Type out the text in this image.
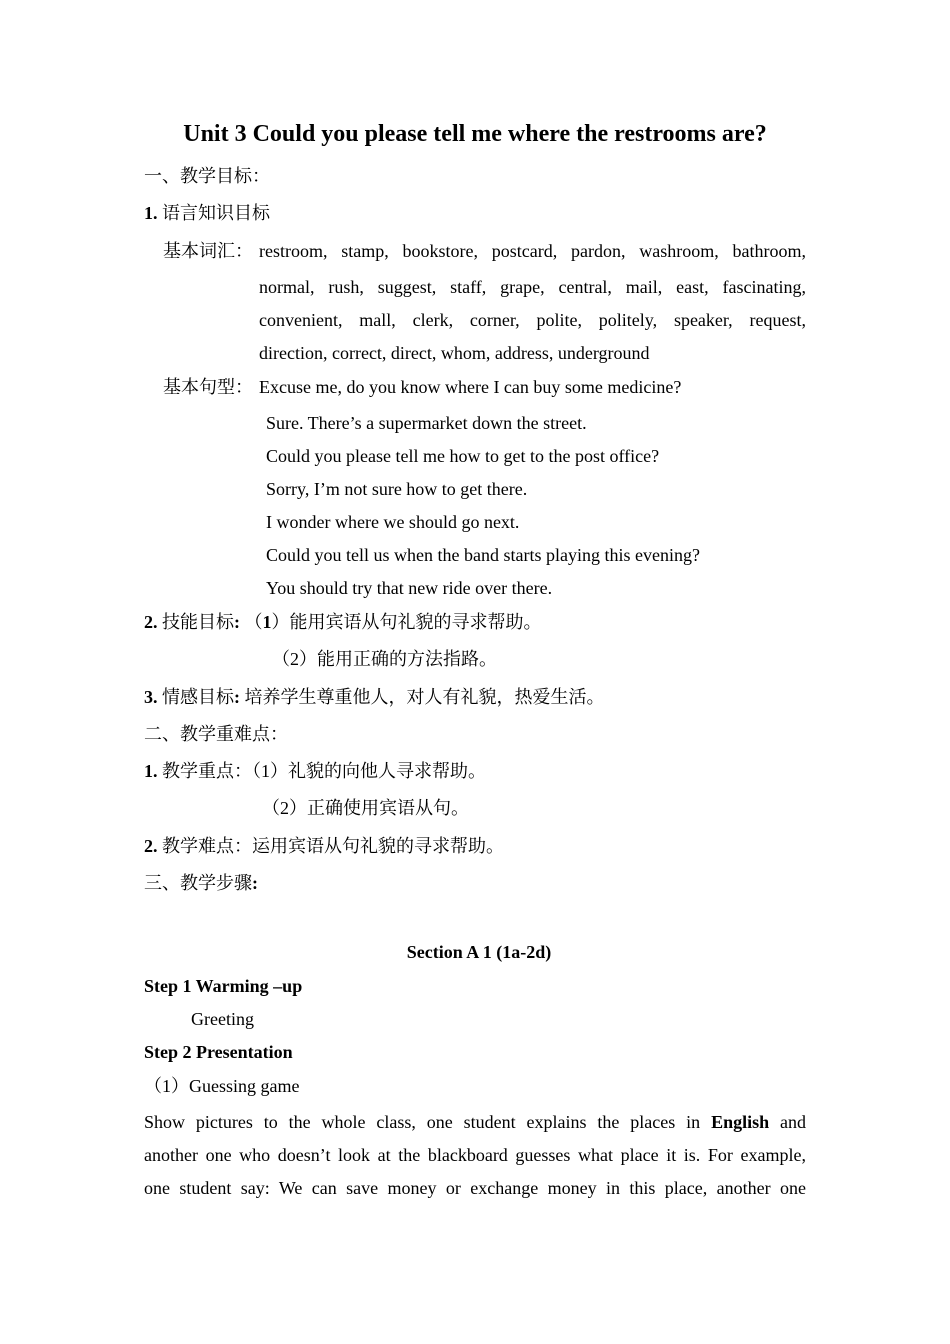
Unit 3 Could you please tell me where the restrooms are?
一、教学目标：
1. 语言知识目标
基本词汇： restroom, stamp, bookstore, postcard, pardon, washroom, bathroom,
normal, rush, suggest, staff, grape, central, mail, east, fascinating,
convenient, mall, clerk, corner, polite, politely, speaker, request,
direction, correct, direct, whom, address, underground
基本句型： Excuse me, do you know where I can buy some medicine?
Sure. There’s a supermarket down the street.
Could you please tell me how to get to the post office?
Sorry, I’m not sure how to get there.
I wonder where we should go next.
Could you tell us when the band starts playing this evening?
You should try that new ride over there.
2. 技能目标: （1）能用宾语从句礼貌的寻求帮助。
（2）能用正确的方法指路。
3. 情感目标: 培养学生尊重他人，对人有礼貌，热爱生活。
二、教学重难点：
1. 教学重点：（1）礼貌的向他人寻求帮助。
（2）正确使用宾语从句。
2. 教学难点：运用宾语从句礼貌的寻求帮助。
三、教学步骤:
Section A 1 (1a-2d)
Step 1 Warming –up
Greeting
Step 2 Presentation
（1）Guessing game
Show pictures to the whole class, one student explains the places in English and
another one who doesn’t look at the blackboard guesses what place it is. For example,
one student say: We can save money or exchange money in this place, another one
